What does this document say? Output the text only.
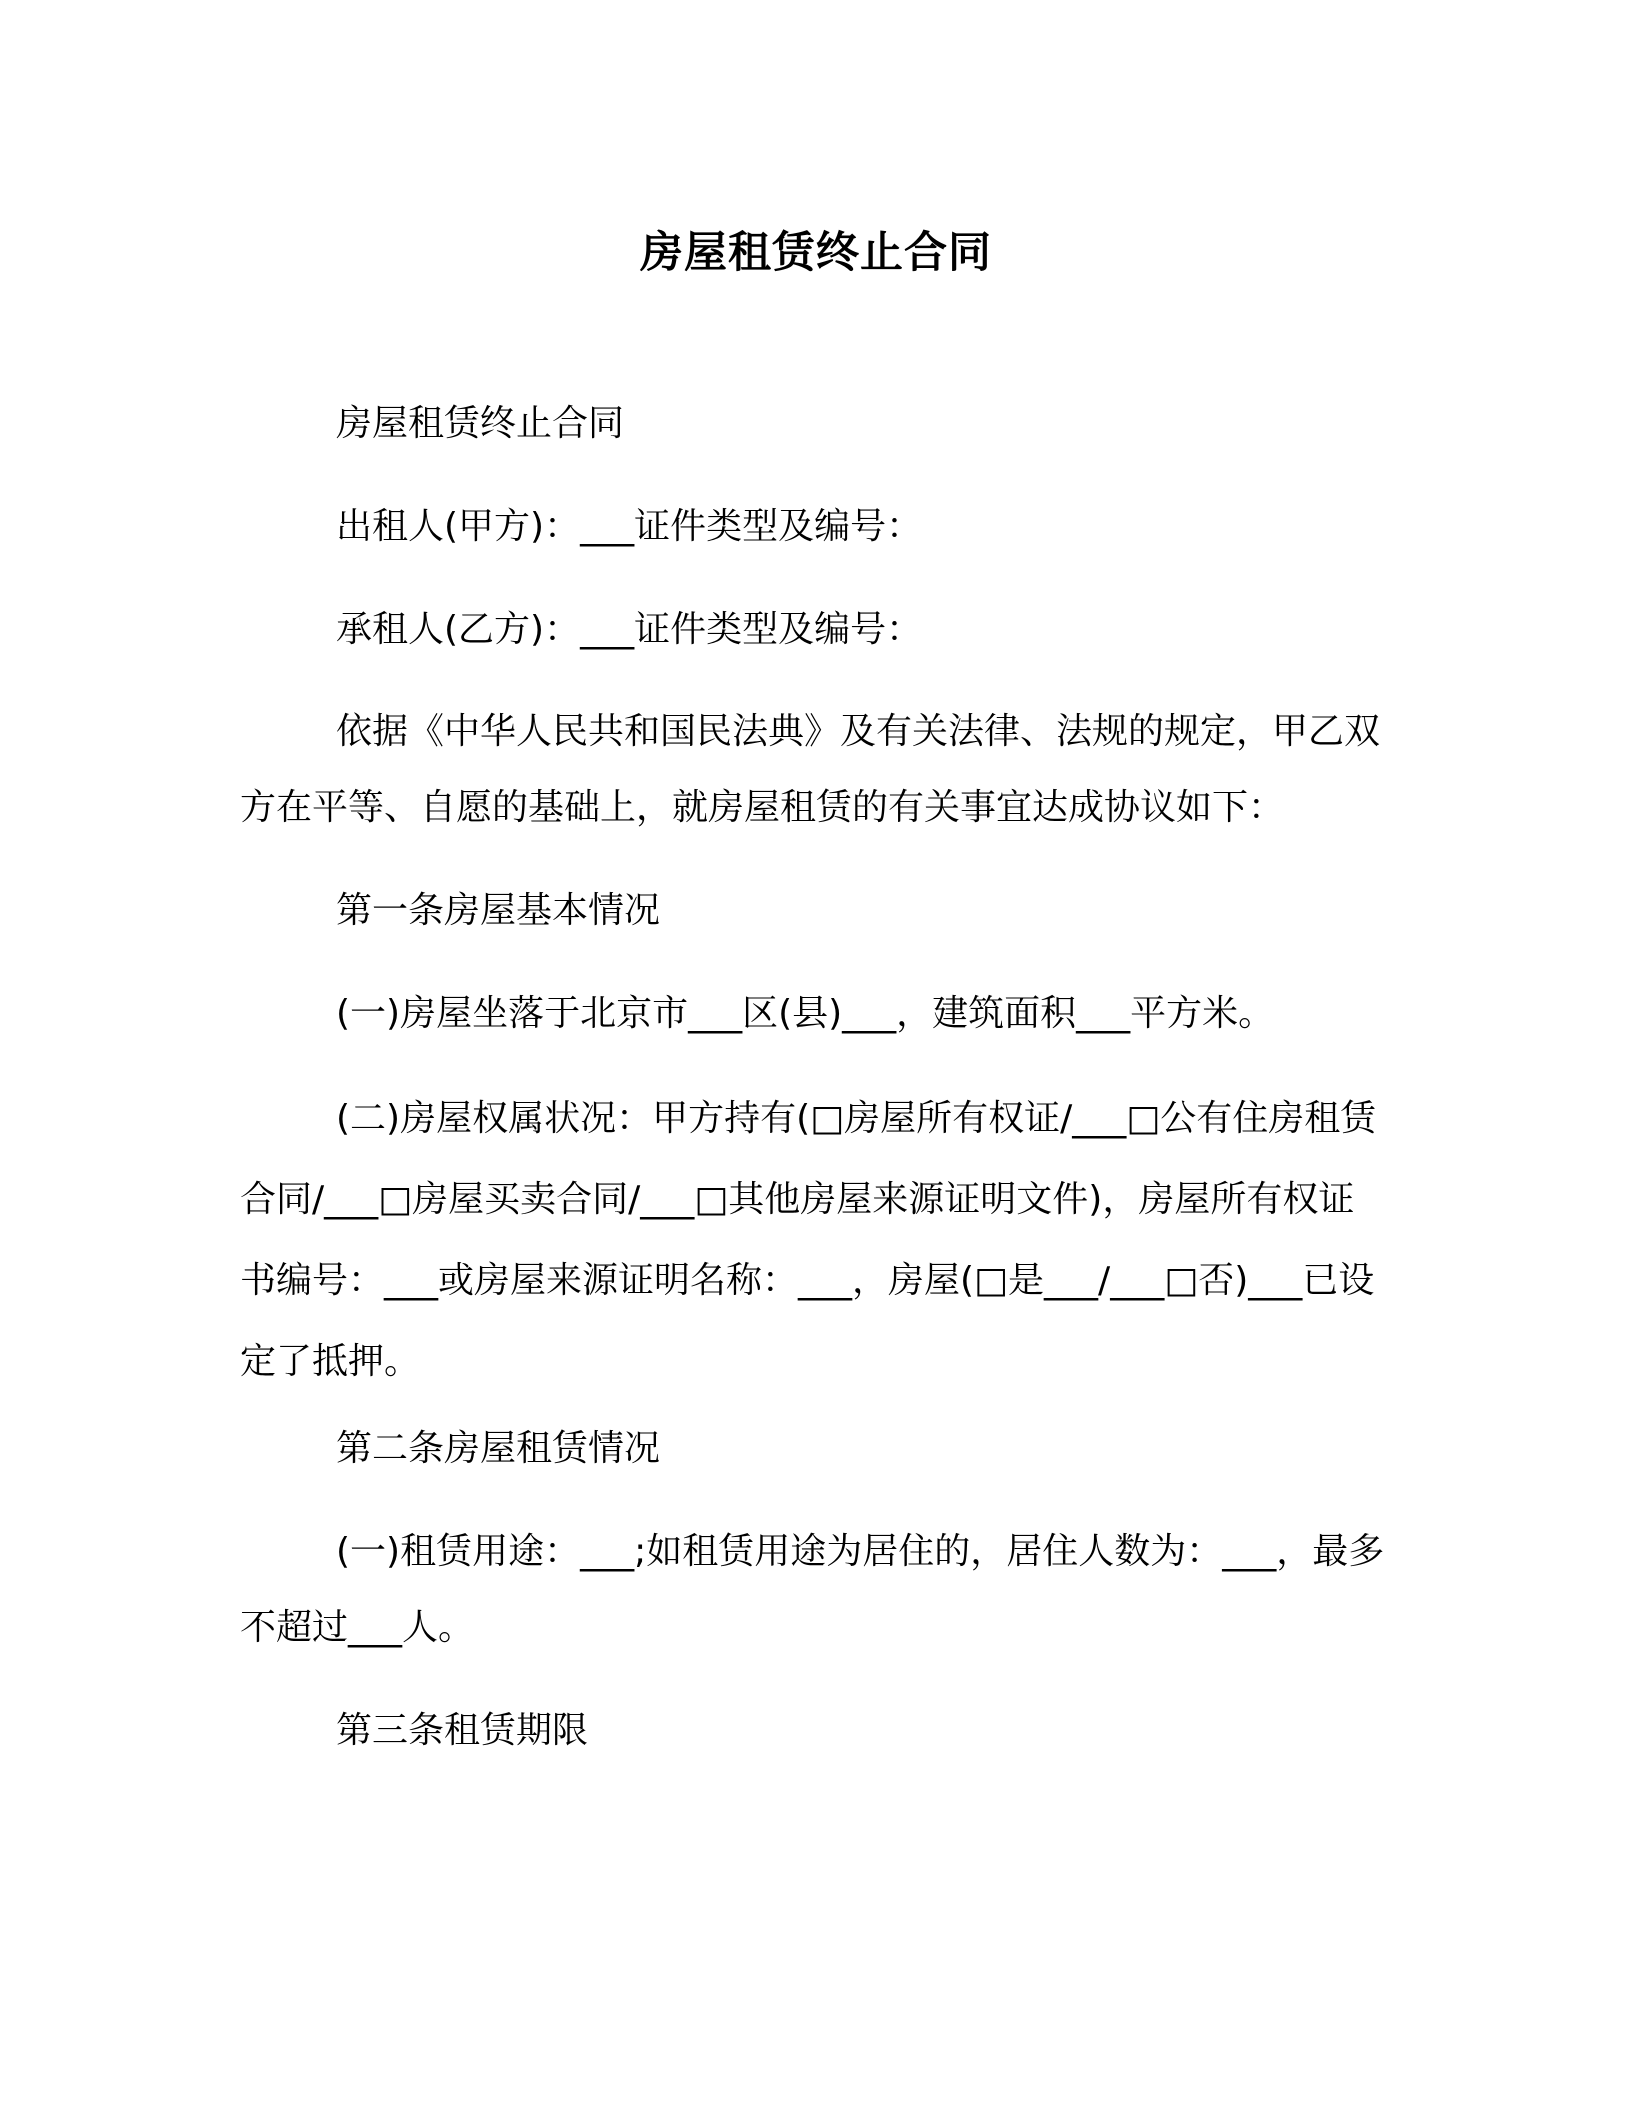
房屋租赁终止合同

房屋租赁终止合同

出租人(甲方)：___证件类型及编号：

承租人(乙方)：___证件类型及编号：

依据《中华人民共和国民法典》及有关法律、法规的规定，甲乙双方在平等、自愿的基础上，就房屋租赁的有关事宜达成协议如下：

第一条房屋基本情况

(一)房屋坐落于北京市___区(县)___，建筑面积___平方米。

(二)房屋权属状况：甲方持有(□房屋所有权证/___□公有住房租赁合同/___□房屋买卖合同/___□其他房屋来源证明文件)，房屋所有权证书编号：___或房屋来源证明名称：___，房屋(□是___/___□否)___已设定了抵押。

第二条房屋租赁情况

(一)租赁用途：___;如租赁用途为居住的，居住人数为：___，最多不超过___人。

第三条租赁期限
